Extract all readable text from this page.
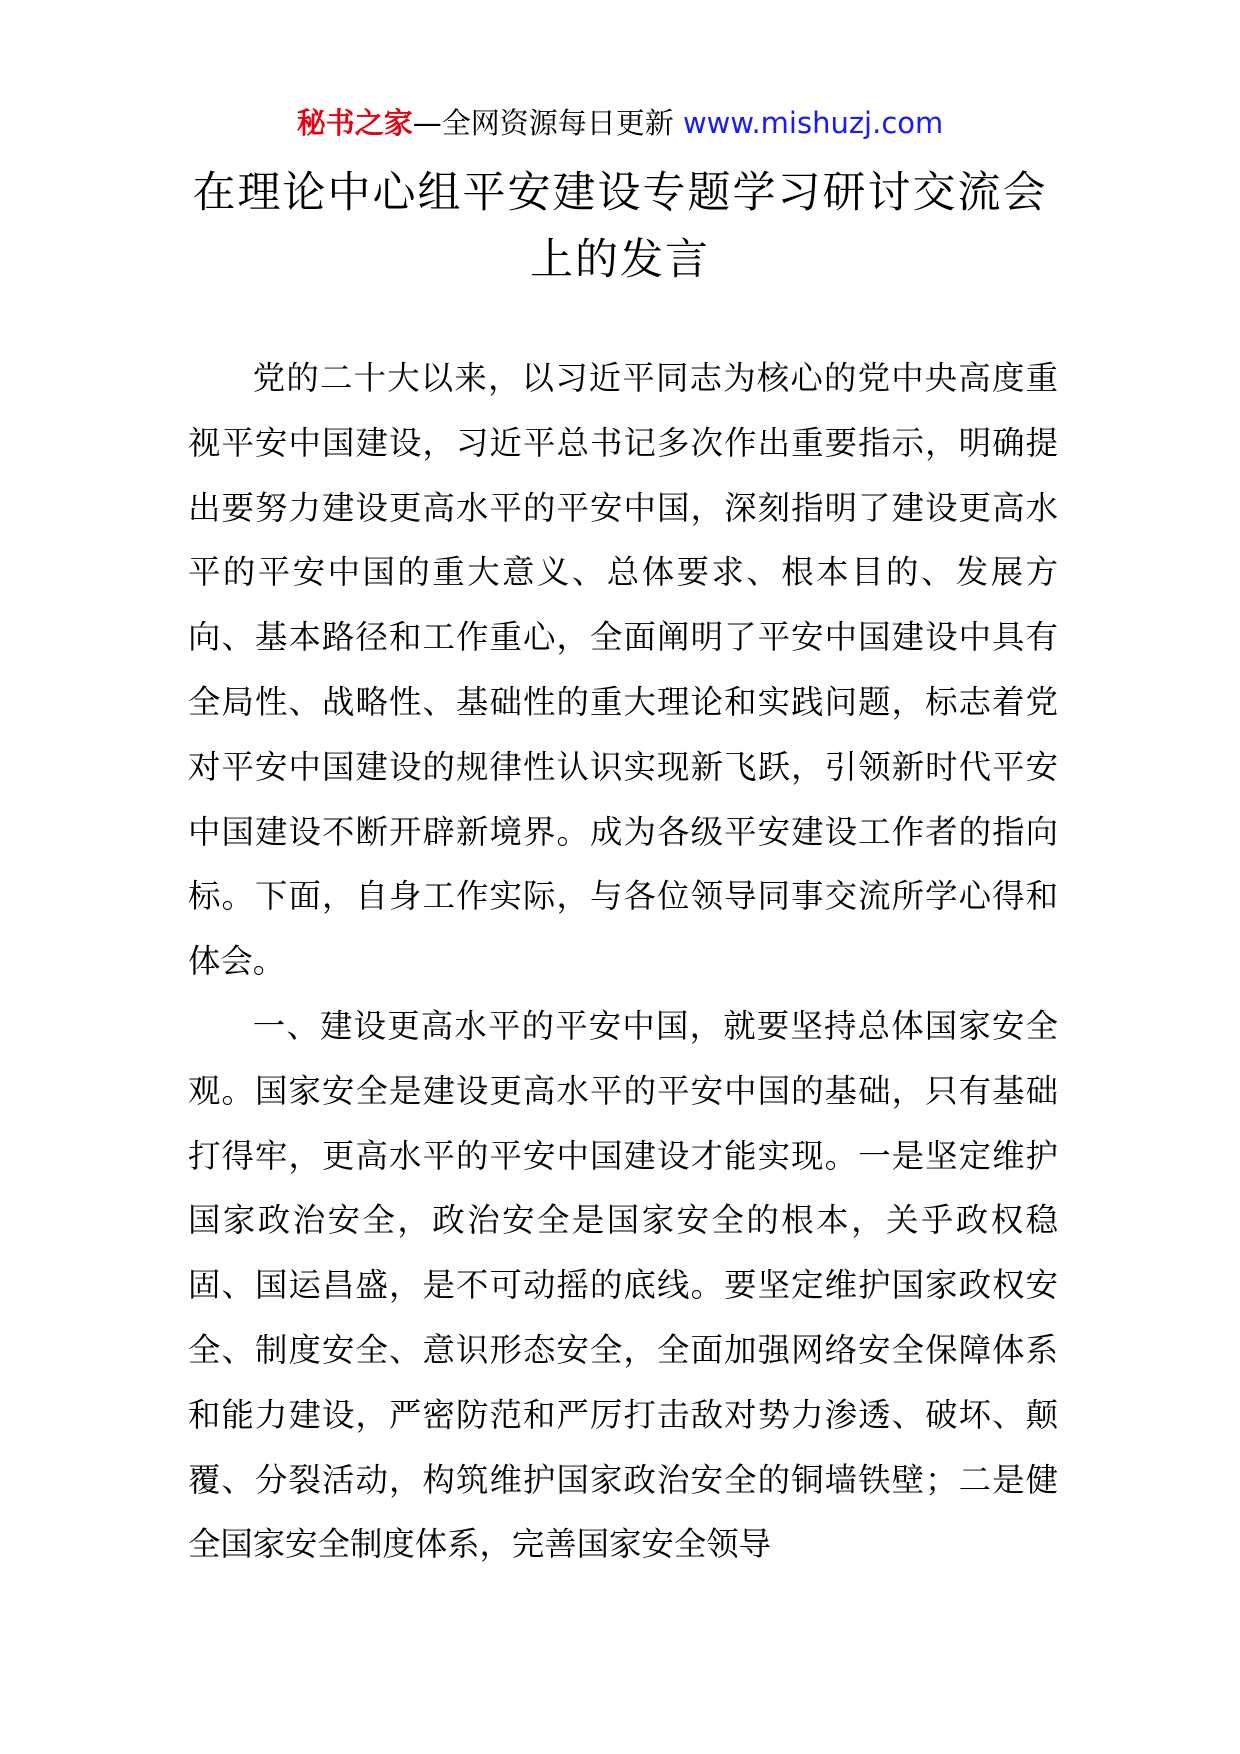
秘书之家—全网资源每日更新 www.mishuzj.com
在理论中心组平安建设专题学习研讨交流会上的发言

党的二十大以来，以习近平同志为核心的党中央高度重视平安中国建设，习近平总书记多次作出重要指示，明确提出要努力建设更高水平的平安中国，深刻指明了建设更高水平的平安中国的重大意义、总体要求、根本目的、发展方向、基本路径和工作重心，全面阐明了平安中国建设中具有全局性、战略性、基础性的重大理论和实践问题，标志着党对平安中国建设的规律性认识实现新飞跃，引领新时代平安中国建设不断开辟新境界。成为各级平安建设工作者的指向标。下面，自身工作实际，与各位领导同事交流所学心得和体会。

一、建设更高水平的平安中国，就要坚持总体国家安全观。国家安全是建设更高水平的平安中国的基础，只有基础打得牢，更高水平的平安中国建设才能实现。一是坚定维护国家政治安全，政治安全是国家安全的根本，关乎政权稳固、国运昌盛，是不可动摇的底线。要坚定维护国家政权安全、制度安全、意识形态安全，全面加强网络安全保障体系和能力建设，严密防范和严厉打击敌对势力渗透、破坏、颠覆、分裂活动，构筑维护国家政治安全的铜墙铁壁；二是健全国家安全制度体系，完善国家安全领导
